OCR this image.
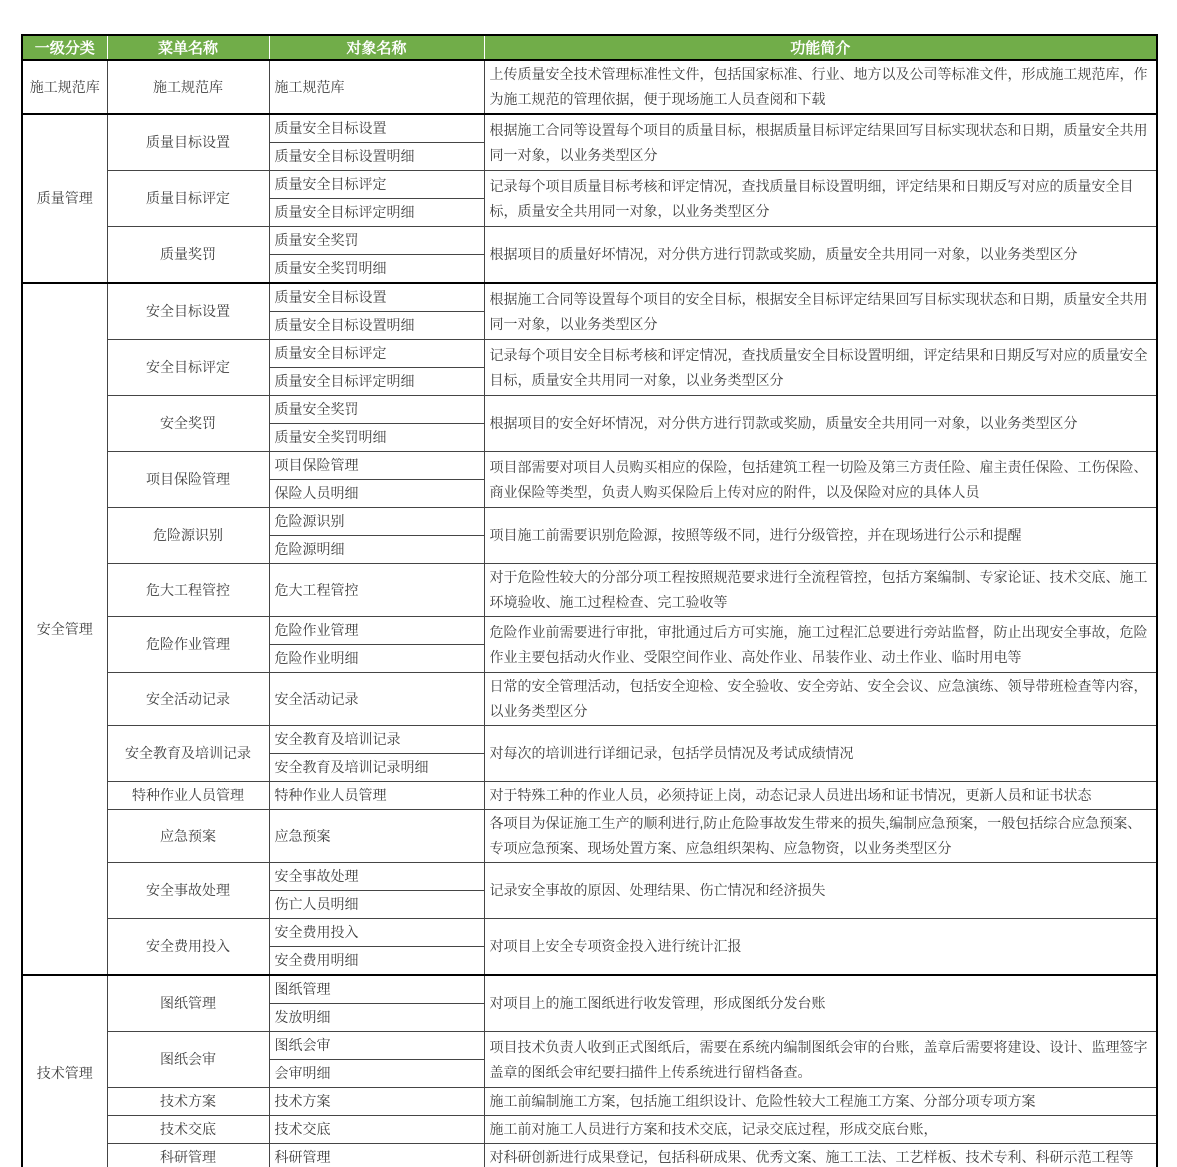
一级分类	菜单名称	对象名称	功能简介
施工规范库	施工规范库	施工规范库	上传质量安全技术管理标准性文件，包括国家标准、行业、地方以及公司等标准文件，形成施工规范库，作为施工规范的管理依据，便于现场施工人员查阅和下载
质量管理	质量目标设置	质量安全目标设置	根据施工合同等设置每个项目的质量目标，根据质量目标评定结果回写目标实现状态和日期，质量安全共用同一对象，以业务类型区分
		质量安全目标设置明细	
	质量目标评定	质量安全目标评定	记录每个项目质量目标考核和评定情况，查找质量目标设置明细，评定结果和日期反写对应的质量安全目标，质量安全共用同一对象，以业务类型区分
		质量安全目标评定明细	
	质量奖罚	质量安全奖罚	根据项目的质量好坏情况，对分供方进行罚款或奖励，质量安全共用同一对象，以业务类型区分
		质量安全奖罚明细	
安全管理	安全目标设置	质量安全目标设置	根据施工合同等设置每个项目的安全目标，根据安全目标评定结果回写目标实现状态和日期，质量安全共用同一对象，以业务类型区分
		质量安全目标设置明细	
	安全目标评定	质量安全目标评定	记录每个项目安全目标考核和评定情况，查找质量安全目标设置明细，评定结果和日期反写对应的质量安全目标，质量安全共用同一对象，以业务类型区分
		质量安全目标评定明细	
	安全奖罚	质量安全奖罚	根据项目的安全好坏情况，对分供方进行罚款或奖励，质量安全共用同一对象，以业务类型区分
		质量安全奖罚明细	
	项目保险管理	项目保险管理	项目部需要对项目人员购买相应的保险，包括建筑工程一切险及第三方责任险、雇主责任保险、工伤保险、商业保险等类型，负责人购买保险后上传对应的附件，以及保险对应的具体人员
		保险人员明细	
	危险源识别	危险源识别	项目施工前需要识别危险源，按照等级不同，进行分级管控，并在现场进行公示和提醒
		危险源明细	
	危大工程管控	危大工程管控	对于危险性较大的分部分项工程按照规范要求进行全流程管控，包括方案编制、专家论证、技术交底、施工环境验收、施工过程检查、完工验收等
	危险作业管理	危险作业管理	危险作业前需要进行审批，审批通过后方可实施，施工过程汇总要进行旁站监督，防止出现安全事故，危险作业主要包括动火作业、受限空间作业、高处作业、吊装作业、动土作业、临时用电等
		危险作业明细	
	安全活动记录	安全活动记录	日常的安全管理活动，包括安全迎检、安全验收、安全旁站、安全会议、应急演练、领导带班检查等内容，以业务类型区分
	安全教育及培训记录	安全教育及培训记录	对每次的培训进行详细记录，包括学员情况及考试成绩情况
		安全教育及培训记录明细	
	特种作业人员管理	特种作业人员管理	对于特殊工种的作业人员，必须持证上岗，动态记录人员进出场和证书情况，更新人员和证书状态
	应急预案	应急预案	各项目为保证施工生产的顺利进行,防止危险事故发生带来的损失,编制应急预案，一般包括综合应急预案、专项应急预案、现场处置方案、应急组织架构、应急物资，以业务类型区分
	安全事故处理	安全事故处理	记录安全事故的原因、处理结果、伤亡情况和经济损失
		伤亡人员明细	
	安全费用投入	安全费用投入	对项目上安全专项资金投入进行统计汇报
		安全费用明细	
技术管理	图纸管理	图纸管理	对项目上的施工图纸进行收发管理，形成图纸分发台账
		发放明细	
	图纸会审	图纸会审	项目技术负责人收到正式图纸后，需要在系统内编制图纸会审的台账，盖章后需要将建设、设计、监理签字盖章的图纸会审纪要扫描件上传系统进行留档备查。
		会审明细	
	技术方案	技术方案	施工前编制施工方案，包括施工组织设计、危险性较大工程施工方案、分部分项专项方案
	技术交底	技术交底	施工前对施工人员进行方案和技术交底，记录交底过程，形成交底台账，
	科研管理	科研管理	对科研创新进行成果登记，包括科研成果、优秀文案、施工工法、工艺样板、技术专利、科研示范工程等
